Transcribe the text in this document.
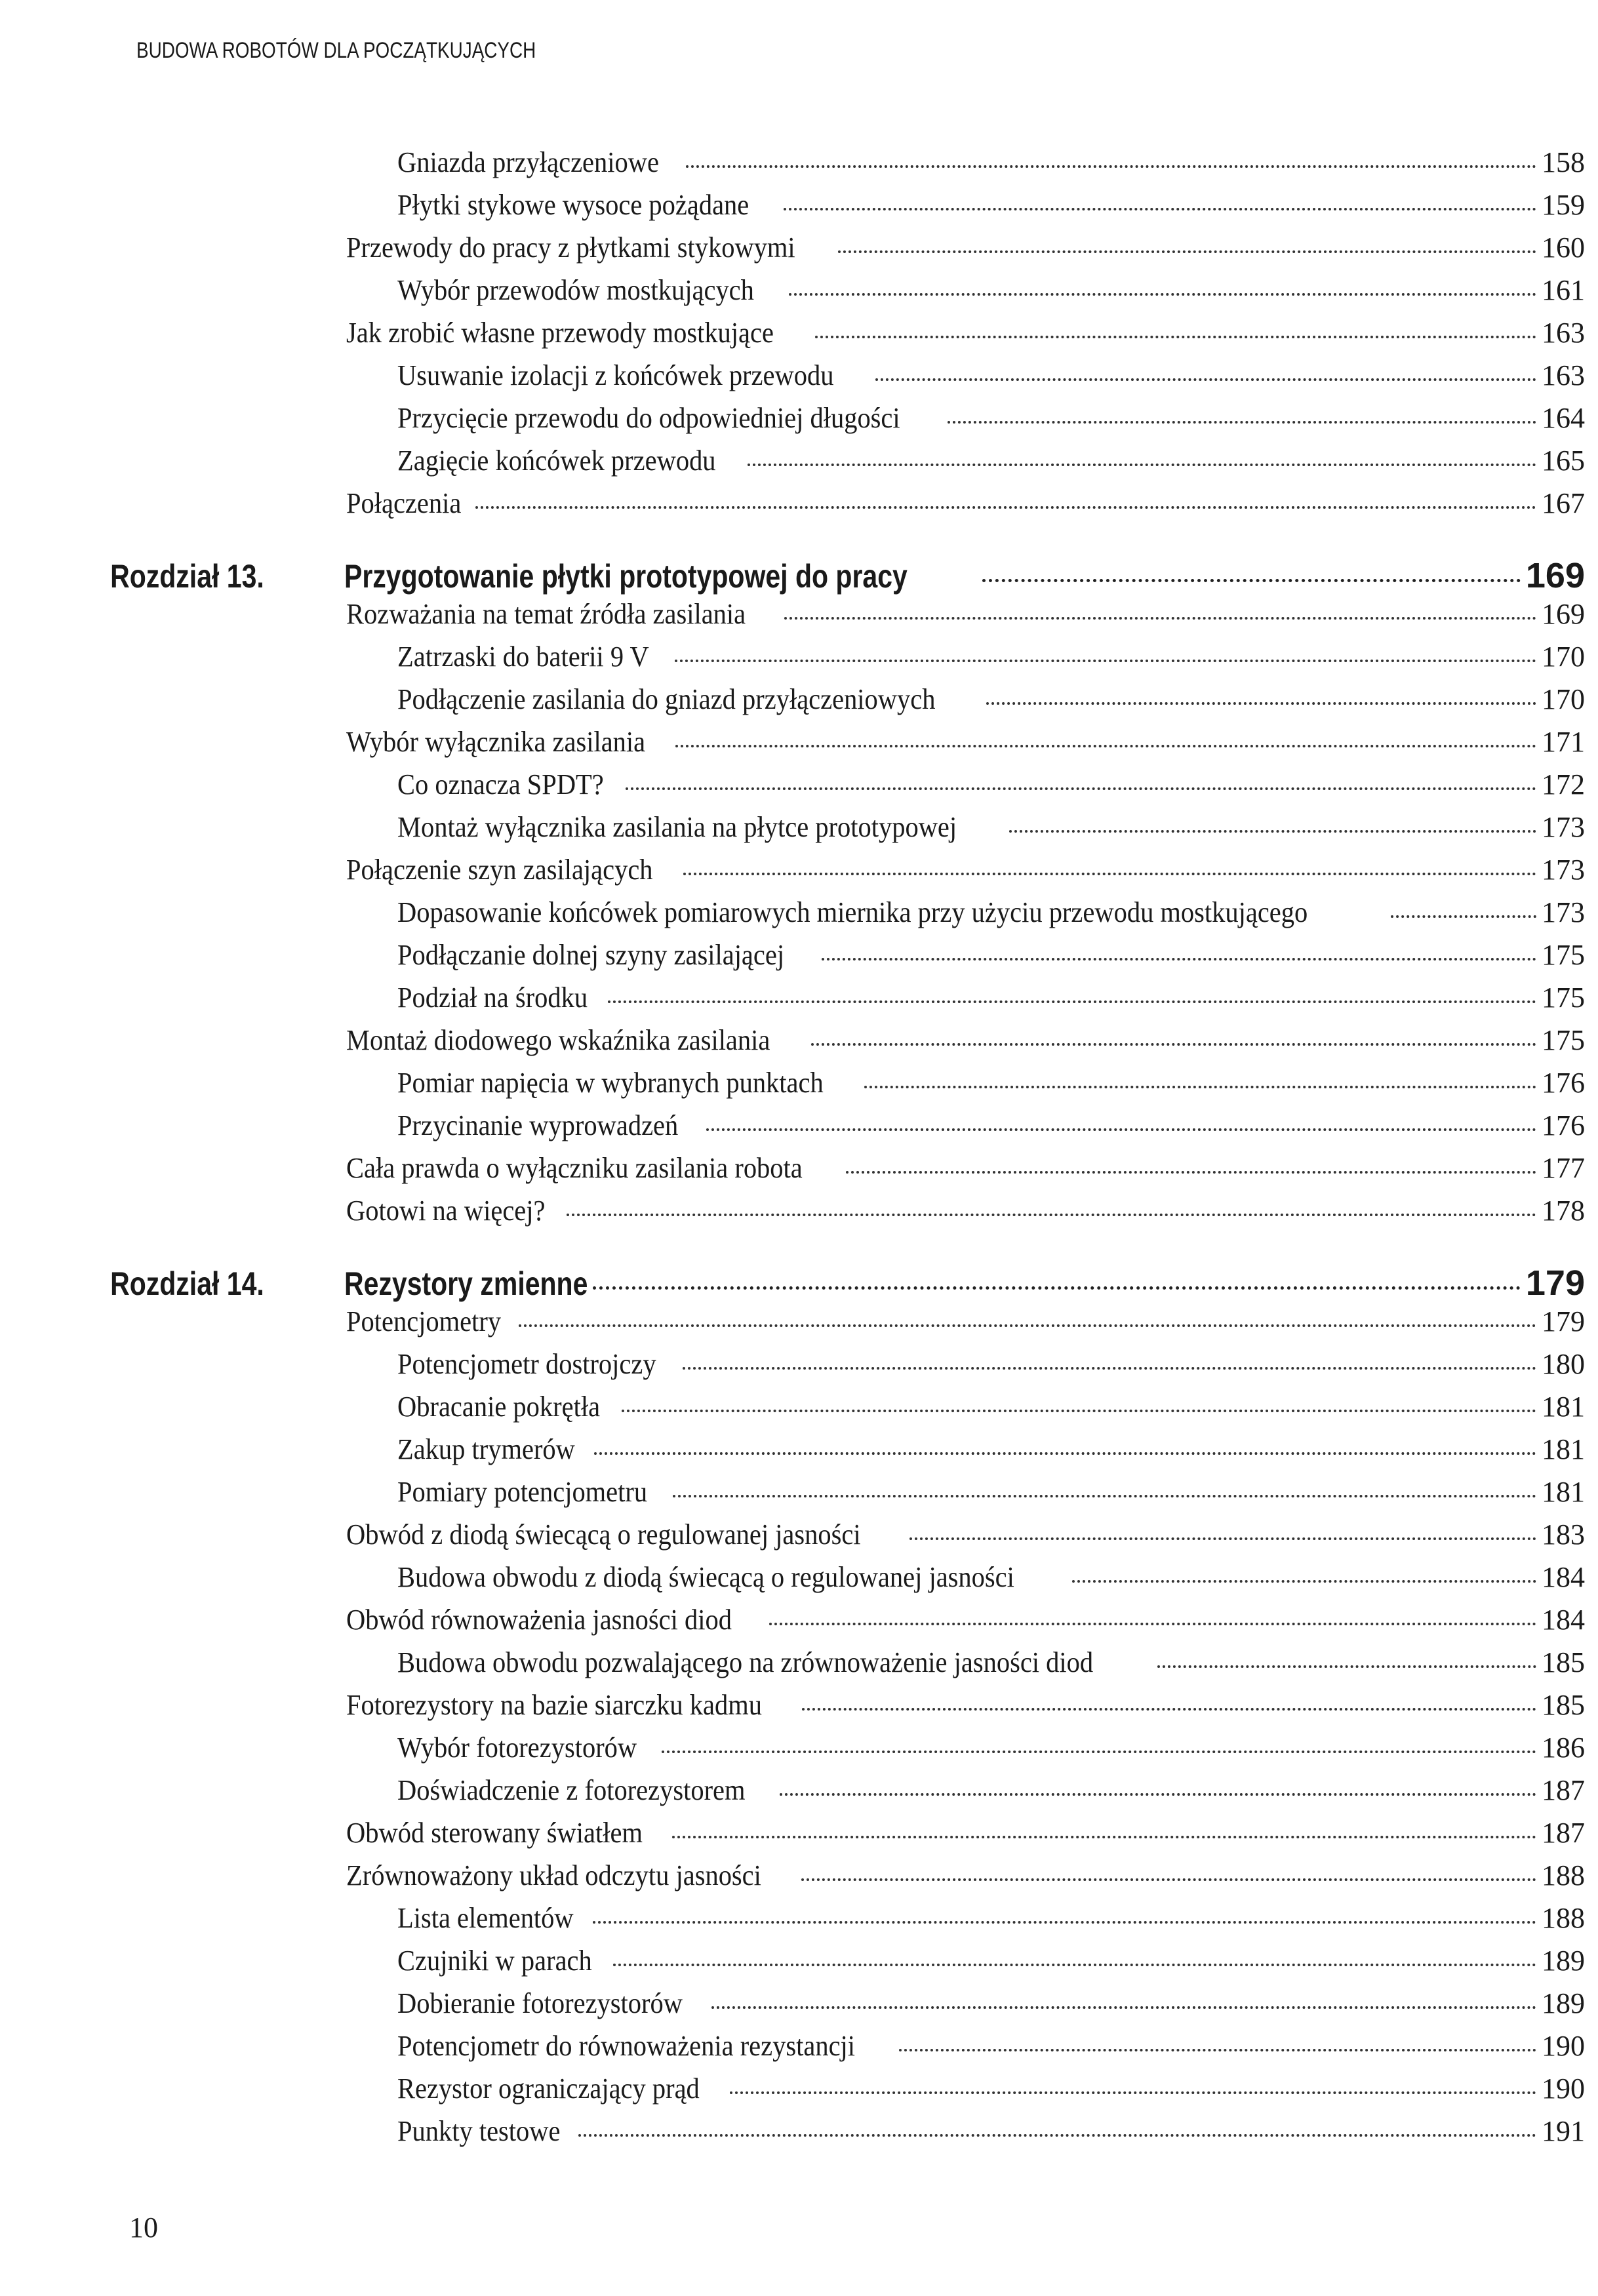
BUDOWA ROBOTÓW DLA POCZĄTKUJĄCYCH
Gniazda przyłączeniowe	158
Płytki stykowe wysoce pożądane	159
Przewody do pracy z płytkami stykowymi	160
Wybór przewodów mostkujących	161
Jak zrobić własne przewody mostkujące	163
Usuwanie izolacji z końcówek przewodu	163
Przycięcie przewodu do odpowiedniej długości	164
Zagięcie końcówek przewodu	165
Połączenia	167
Rozdział 13.	Przygotowanie płytki prototypowej do pracy	169
Rozważania na temat źródła zasilania	169
Zatrzaski do baterii 9 V	170
Podłączenie zasilania do gniazd przyłączeniowych	170
Wybór wyłącznika zasilania	171
Co oznacza SPDT?	172
Montaż wyłącznika zasilania na płytce prototypowej	173
Połączenie szyn zasilających	173
Dopasowanie końcówek pomiarowych miernika przy użyciu przewodu mostkującego	173
Podłączanie dolnej szyny zasilającej	175
Podział na środku	175
Montaż diodowego wskaźnika zasilania	175
Pomiar napięcia w wybranych punktach	176
Przycinanie wyprowadzeń	176
Cała prawda o wyłączniku zasilania robota	177
Gotowi na więcej?	178
Rozdział 14.	Rezystory zmienne	179
Potencjometry	179
Potencjometr dostrojczy	180
Obracanie pokrętła	181
Zakup trymerów	181
Pomiary potencjometru	181
Obwód z diodą świecącą o regulowanej jasności	183
Budowa obwodu z diodą świecącą o regulowanej jasności	184
Obwód równoważenia jasności diod	184
Budowa obwodu pozwalającego na zrównoważenie jasności diod	185
Fotorezystory na bazie siarczku kadmu	185
Wybór fotorezystorów	186
Doświadczenie z fotorezystorem	187
Obwód sterowany światłem	187
Zrównoważony układ odczytu jasności	188
Lista elementów	188
Czujniki w parach	189
Dobieranie fotorezystorów	189
Potencjometr do równoważenia rezystancji	190
Rezystor ograniczający prąd	190
Punkty testowe	191
10
